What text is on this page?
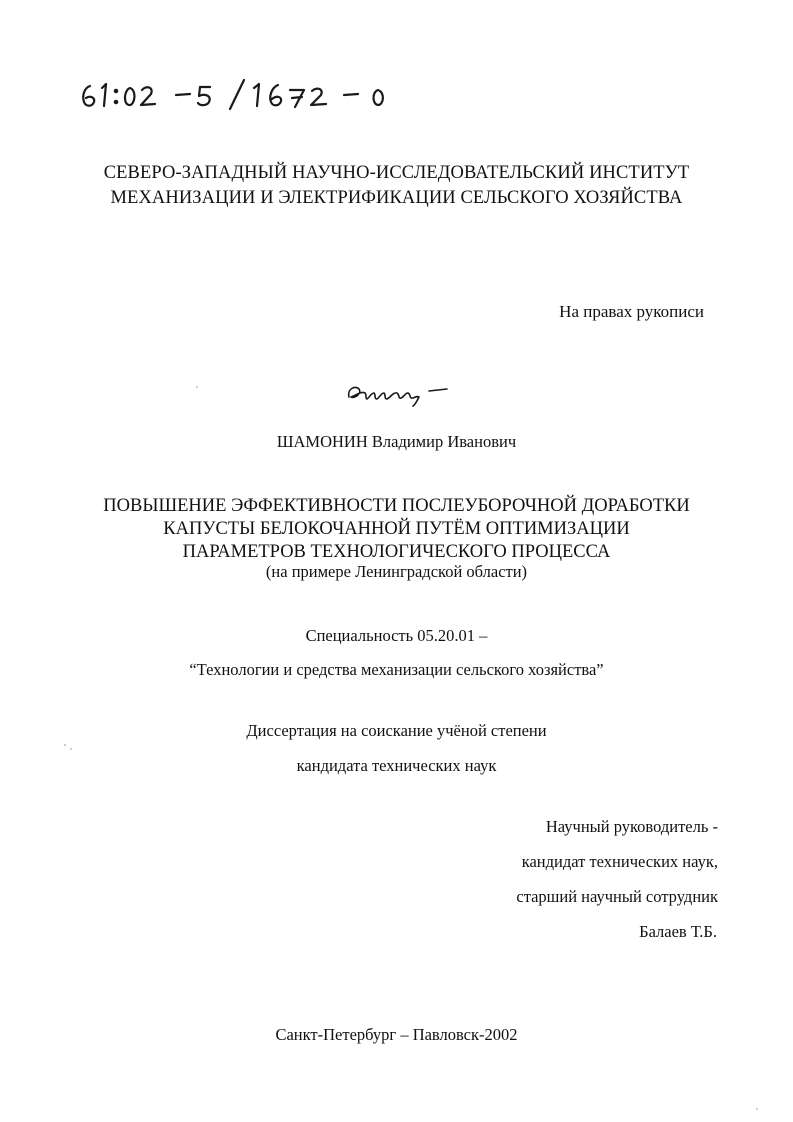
СЕВЕРО-ЗАПАДНЫЙ НАУЧНО-ИССЛЕДОВАТЕЛЬСКИЙ ИНСТИТУТ
МЕХАНИЗАЦИИ И ЭЛЕКТРИФИКАЦИИ СЕЛЬСКОГО ХОЗЯЙСТВА
На правах рукописи
ШАМОНИН Владимир Иванович
ПОВЫШЕНИЕ ЭФФЕКТИВНОСТИ ПОСЛЕУБОРОЧНОЙ ДОРАБОТКИ
КАПУСТЫ БЕЛОКОЧАННОЙ ПУТЁМ ОПТИМИЗАЦИИ
ПАРАМЕТРОВ ТЕХНОЛОГИЧЕСКОГО ПРОЦЕССА
(на примере Ленинградской области)
Специальность 05.20.01 –
“Технологии и средства механизации сельского хозяйства”
Диссертация на соискание учёной степени
кандидата технических наук
Научный руководитель -
кандидат технических наук,
старший научный сотрудник
Балаев Т.Б.
Санкт-Петербург – Павловск-2002
